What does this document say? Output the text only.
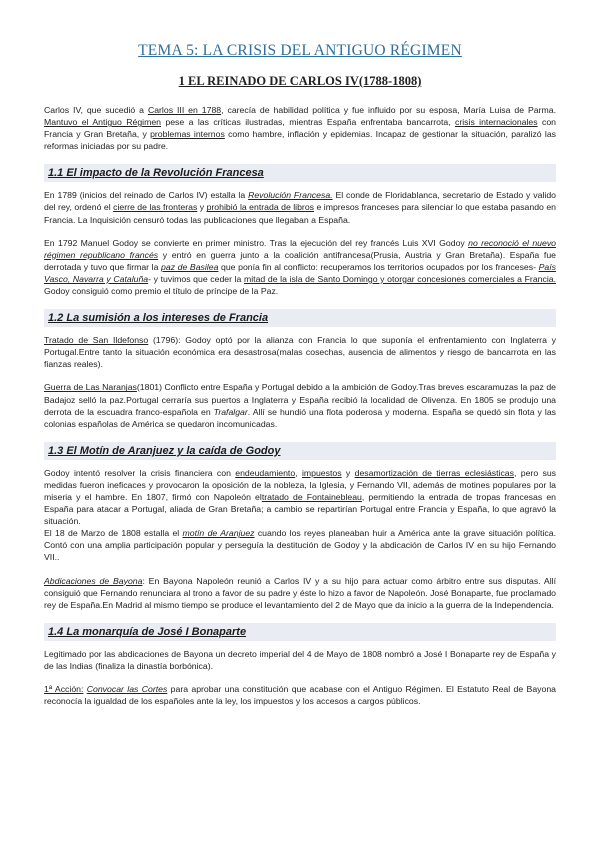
TEMA 5: LA CRISIS DEL ANTIGUO RÉGIMEN
1 EL REINADO DE CARLOS IV(1788-1808)

Carlos IV, que sucedió a Carlos III en 1788, carecía de habilidad política y fue influido por su esposa, María Luisa de Parma. Mantuvo el Antiguo Régimen pese a las críticas ilustradas, mientras España enfrentaba bancarrota, crisis internacionales con Francia y Gran Bretaña, y problemas internos como hambre, inflación y epidemias. Incapaz de gestionar la situación, paralizó las reformas iniciadas por su padre.

1.1 El impacto de la Revolución Francesa

En 1789 (inicios del reinado de Carlos IV) estalla la Revolución Francesa. El conde de Floridablanca, secretario de Estado y valido del rey, ordenó el cierre de las fronteras y prohibió la entrada de libros e impresos franceses para silenciar lo que estaba pasando en Francia. La Inquisición censuró todas las publicaciones que llegaban a España.

En 1792 Manuel Godoy se convierte en primer ministro. Tras la ejecución del rey francés Luis XVI Godoy no reconoció el nuevo régimen republicano francés y entró en guerra junto a la coalición antifrancesa(Prusia, Austria y Gran Bretaña). España fue derrotada y tuvo que firmar la paz de Basilea que ponía fin al conflicto: recuperamos los territorios ocupados por los franceses- País Vasco, Navarra y Cataluña- y tuvimos que ceder la mitad de la isla de Santo Domingo y otorgar concesiones comerciales a Francia. Godoy consiguió como premio el título de príncipe de la Paz.

1.2 La sumisión a los intereses de Francia

Tratado de San Ildefonso (1796): Godoy optó por la alianza con Francia lo que suponía el enfrentamiento con Inglaterra y Portugal.Entre tanto la situación económica era desastrosa(malas cosechas, ausencia de alimentos y riesgo de bancarrota en las fianzas reales).

Guerra de Las Naranjas(1801) Conflicto entre España y Portugal debido a la ambición de Godoy.Tras breves escaramuzas la paz de Badajoz selló la paz.Portugal cerraría sus puertos a Inglaterra y España recibió la localidad de Olivenza. En 1805 se produjo una derrota de la escuadra franco-española en Trafalgar. Allí se hundió una flota poderosa y moderna. España se quedó sin flota y las colonias españolas de América se quedaron incomunicadas.

1.3 El Motín de Aranjuez y la caída de Godoy

Godoy intentó resolver la crisis financiera con endeudamiento, impuestos y desamortización de tierras eclesiásticas, pero sus medidas fueron ineficaces y provocaron la oposición de la nobleza, la Iglesia, y Fernando VII, además de motines populares por la miseria y el hambre. En 1807, firmó con Napoleón eltratado de Fontainebleau, permitiendo la entrada de tropas francesas en España para atacar a Portugal, aliada de Gran Bretaña; a cambio se repartirían Portugal entre Francia y España, lo que agravó la situación.

El 18 de Marzo de 1808 estalla el motín de Aranjuez cuando los reyes planeaban huir a América ante la grave situación política. Contó con una amplia participación popular y perseguía la destitución de Godoy y la abdicación de Carlos IV en su hijo Fernando VII..

Abdicaciones de Bayona: En Bayona Napoleón reunió a Carlos IV y a su hijo para actuar como árbitro entre sus disputas. Allí consiguió que Fernando renunciara al trono a favor de su padre y éste lo hizo a favor de Napoleón. José Bonaparte, fue proclamado rey de España.En Madrid al mismo tiempo se produce el levantamiento del 2 de Mayo que da inicio a la guerra de la Independencia.

1.4 La monarquía de José I Bonaparte

Legitimado por las abdicaciones de Bayona un decreto imperial del 4 de Mayo de 1808 nombró a José I Bonaparte rey de España y de las Indias (finaliza la dinastía borbónica).

1ª Acción: Convocar las Cortes para aprobar una constitución que acabase con el Antiguo Régimen. El Estatuto Real de Bayona reconocía la igualdad de los españoles ante la ley, los impuestos y los accesos a cargos públicos.
